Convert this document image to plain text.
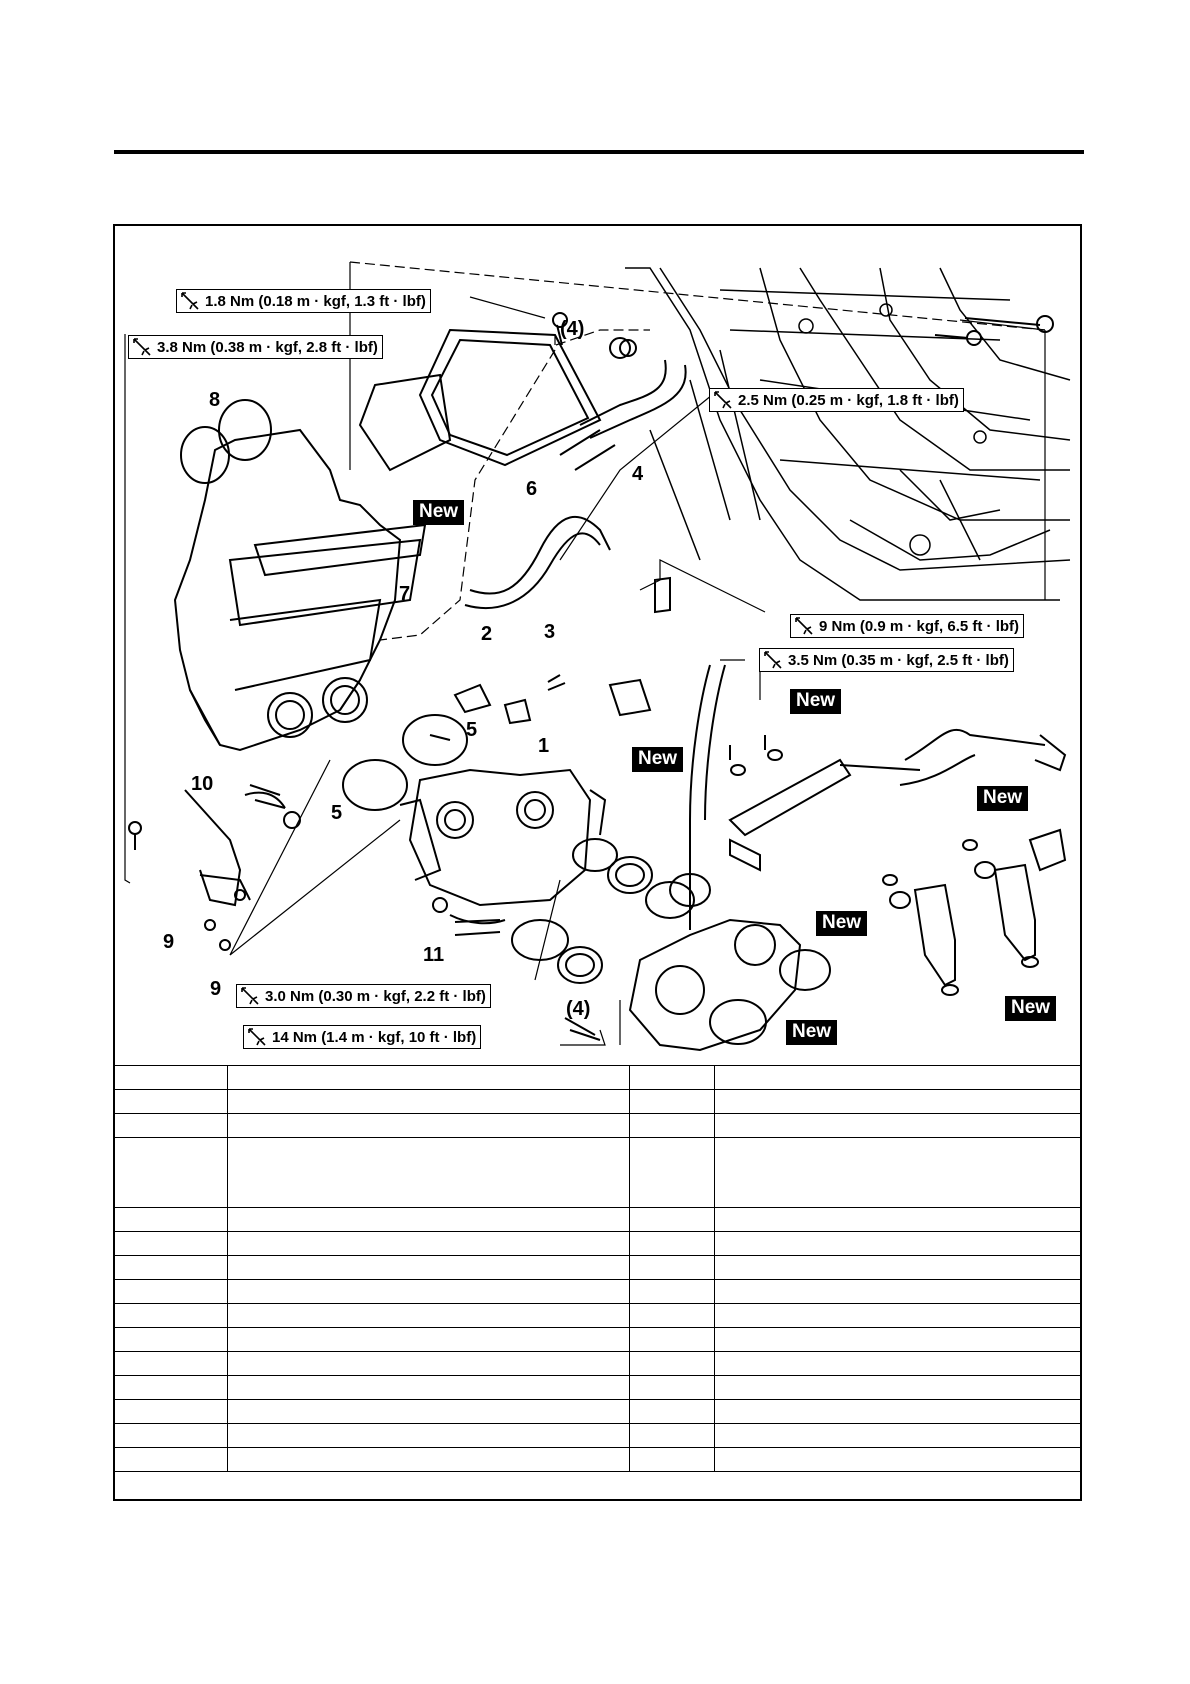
1.8 Nm (0.18 m · kgf, 1.3 ft · lbf)
3.8 Nm (0.38 m · kgf, 2.8 ft · lbf)
2.5 Nm (0.25 m · kgf, 1.8 ft · lbf)
9 Nm (0.9 m · kgf, 6.5 ft · lbf)
3.5 Nm (0.35 m · kgf, 2.5 ft · lbf)
3.0 Nm (0.30 m · kgf, 2.2 ft · lbf)
14 Nm (1.4 m · kgf, 10 ft · lbf)
New
New
New
New
New
New
New
1
2	3
4
(4)
(4)
5
5
6
7
8
9
9
10
11
